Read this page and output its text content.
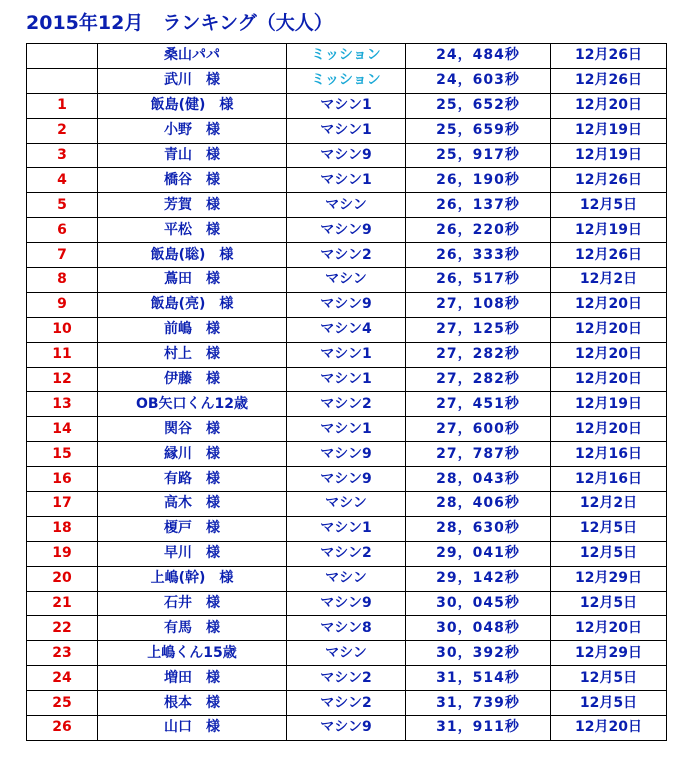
2015年12月　ランキング（大人）
	桑山パパ	ミッション	24，484秒	12月26日
	武川　様	ミッション	24，603秒	12月26日
1	飯島(健)　様	マシン1	25，652秒	12月20日
2	小野　様	マシン1	25，659秒	12月19日
3	青山　様	マシン9	25，917秒	12月19日
4	橋谷　様	マシン1	26，190秒	12月26日
5	芳賀　様	マシン	26，137秒	12月5日
6	平松　様	マシン9	26，220秒	12月19日
7	飯島(聡)　様	マシン2	26，333秒	12月26日
8	蔦田　様	マシン	26，517秒	12月2日
9	飯島(亮)　様	マシン9	27，108秒	12月20日
10	前嶋　様	マシン4	27，125秒	12月20日
11	村上　様	マシン1	27，282秒	12月20日
12	伊藤　様	マシン1	27，282秒	12月20日
13	OB矢口くん12歳	マシン2	27，451秒	12月19日
14	関谷　様	マシン1	27，600秒	12月20日
15	縁川　様	マシン9	27，787秒	12月16日
16	有路　様	マシン9	28，043秒	12月16日
17	高木　様	マシン	28，406秒	12月2日
18	榎戸　様	マシン1	28，630秒	12月5日
19	早川　様	マシン2	29，041秒	12月5日
20	上嶋(幹)　様	マシン	29，142秒	12月29日
21	石井　様	マシン9	30，045秒	12月5日
22	有馬　様	マシン8	30，048秒	12月20日
23	上嶋くん15歳	マシン	30，392秒	12月29日
24	増田　様	マシン2	31，514秒	12月5日
25	根本　様	マシン2	31，739秒	12月5日
26	山口　様	マシン9	31，911秒	12月20日
